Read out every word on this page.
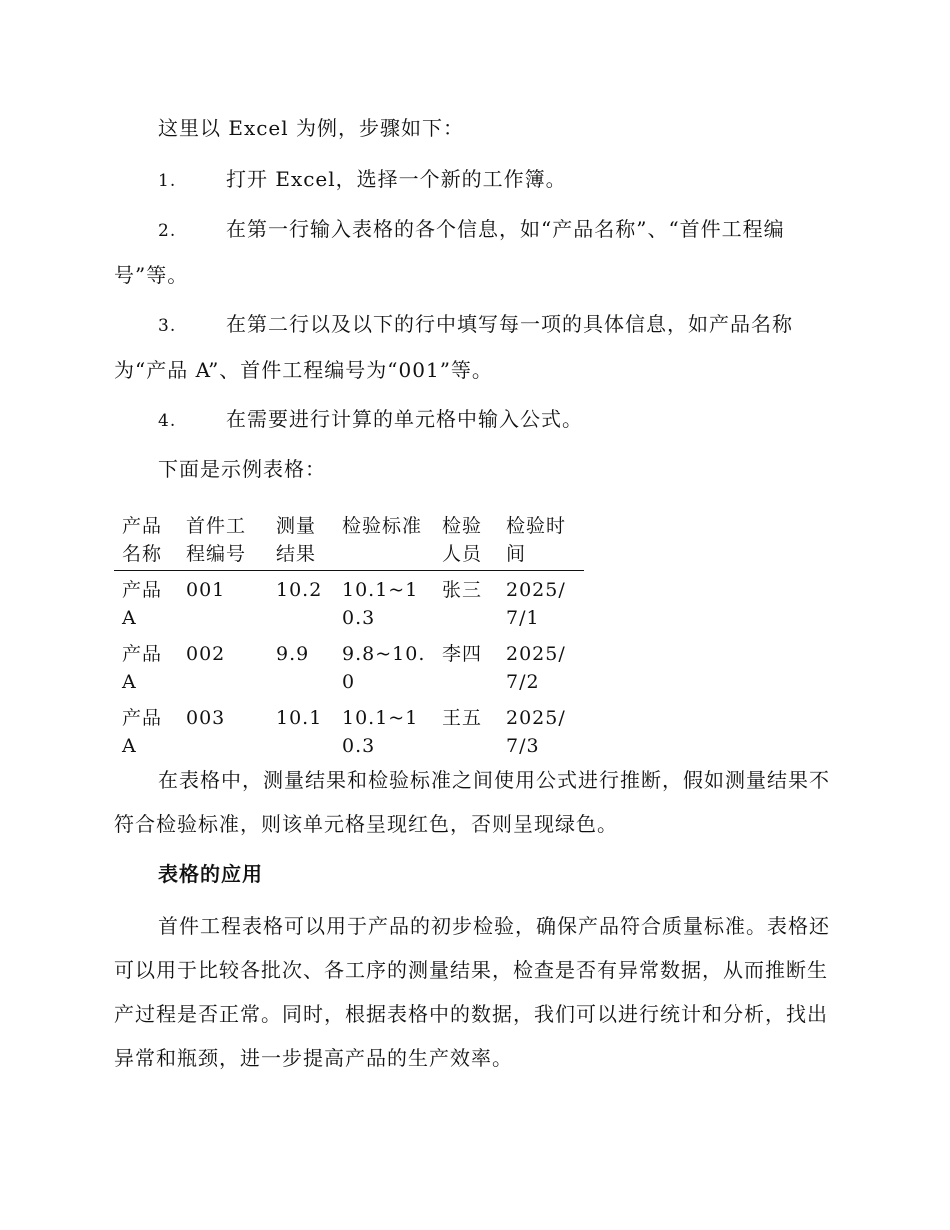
这里以 Excel 为例，步骤如下：

1. 打开 Excel，选择一个新的工作簿。

2. 在第一行输入表格的各个信息，如“产品名称”、“首件工程编号”等。

3. 在第二行以及以下的行中填写每一项的具体信息，如产品名称为“产品 A”、首件工程编号为“001”等。

4. 在需要进行计算的单元格中输入公式。

下面是示例表格：

产品名称	首件工程编号	测量结果	检验标准	检验人员	检验时间
产品A	001	10.2	10.1~10.3	张三	2025/7/1
产品A	002	9.9	9.8~10.0	李四	2025/7/2
产品A	003	10.1	10.1~10.3	王五	2025/7/3

在表格中，测量结果和检验标准之间使用公式进行推断，假如测量结果不符合检验标准，则该单元格呈现红色，否则呈现绿色。

表格的应用

首件工程表格可以用于产品的初步检验，确保产品符合质量标准。表格还可以用于比较各批次、各工序的测量结果，检查是否有异常数据，从而推断生产过程是否正常。同时，根据表格中的数据，我们可以进行统计和分析，找出异常和瓶颈，进一步提高产品的生产效率。
